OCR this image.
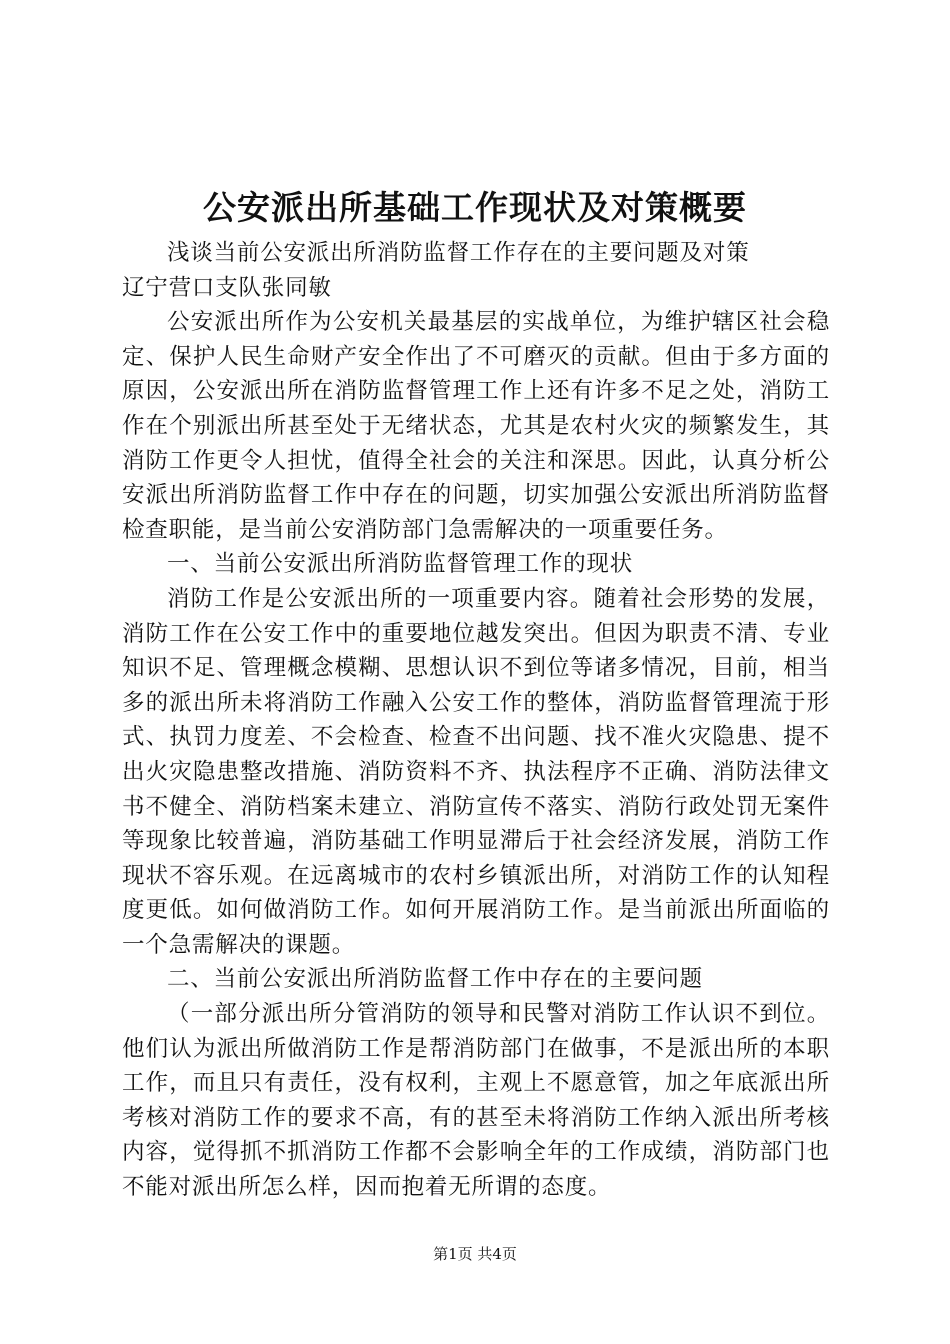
公安派出所基础工作现状及对策概要

浅谈当前公安派出所消防监督工作存在的主要问题及对策

辽宁营口支队张同敏

公安派出所作为公安机关最基层的实战单位，为维护辖区社会稳定、保护人民生命财产安全作出了不可磨灭的贡献。但由于多方面的原因，公安派出所在消防监督管理工作上还有许多不足之处，消防工作在个别派出所甚至处于无绪状态，尤其是农村火灾的频繁发生，其消防工作更令人担忧，值得全社会的关注和深思。因此，认真分析公安派出所消防监督工作中存在的问题，切实加强公安派出所消防监督检查职能，是当前公安消防部门急需解决的一项重要任务。

一、当前公安派出所消防监督管理工作的现状

消防工作是公安派出所的一项重要内容。随着社会形势的发展，消防工作在公安工作中的重要地位越发突出。但因为职责不清、专业知识不足、管理概念模糊、思想认识不到位等诸多情况，目前，相当多的派出所未将消防工作融入公安工作的整体，消防监督管理流于形式、执罚力度差、不会检查、检查不出问题、找不准火灾隐患、提不出火灾隐患整改措施、消防资料不齐、执法程序不正确、消防法律文书不健全、消防档案未建立、消防宣传不落实、消防行政处罚无案件等现象比较普遍，消防基础工作明显滞后于社会经济发展，消防工作现状不容乐观。在远离城市的农村乡镇派出所，对消防工作的认知程度更低。如何做消防工作。如何开展消防工作。是当前派出所面临的一个急需解决的课题。

二、当前公安派出所消防监督工作中存在的主要问题

（一部分派出所分管消防的领导和民警对消防工作认识不到位。他们认为派出所做消防工作是帮消防部门在做事，不是派出所的本职工作，而且只有责任，没有权利，主观上不愿意管，加之年底派出所考核对消防工作的要求不高，有的甚至未将消防工作纳入派出所考核内容，觉得抓不抓消防工作都不会影响全年的工作成绩，消防部门也不能对派出所怎么样，因而抱着无所谓的态度。

第1页 共4页
